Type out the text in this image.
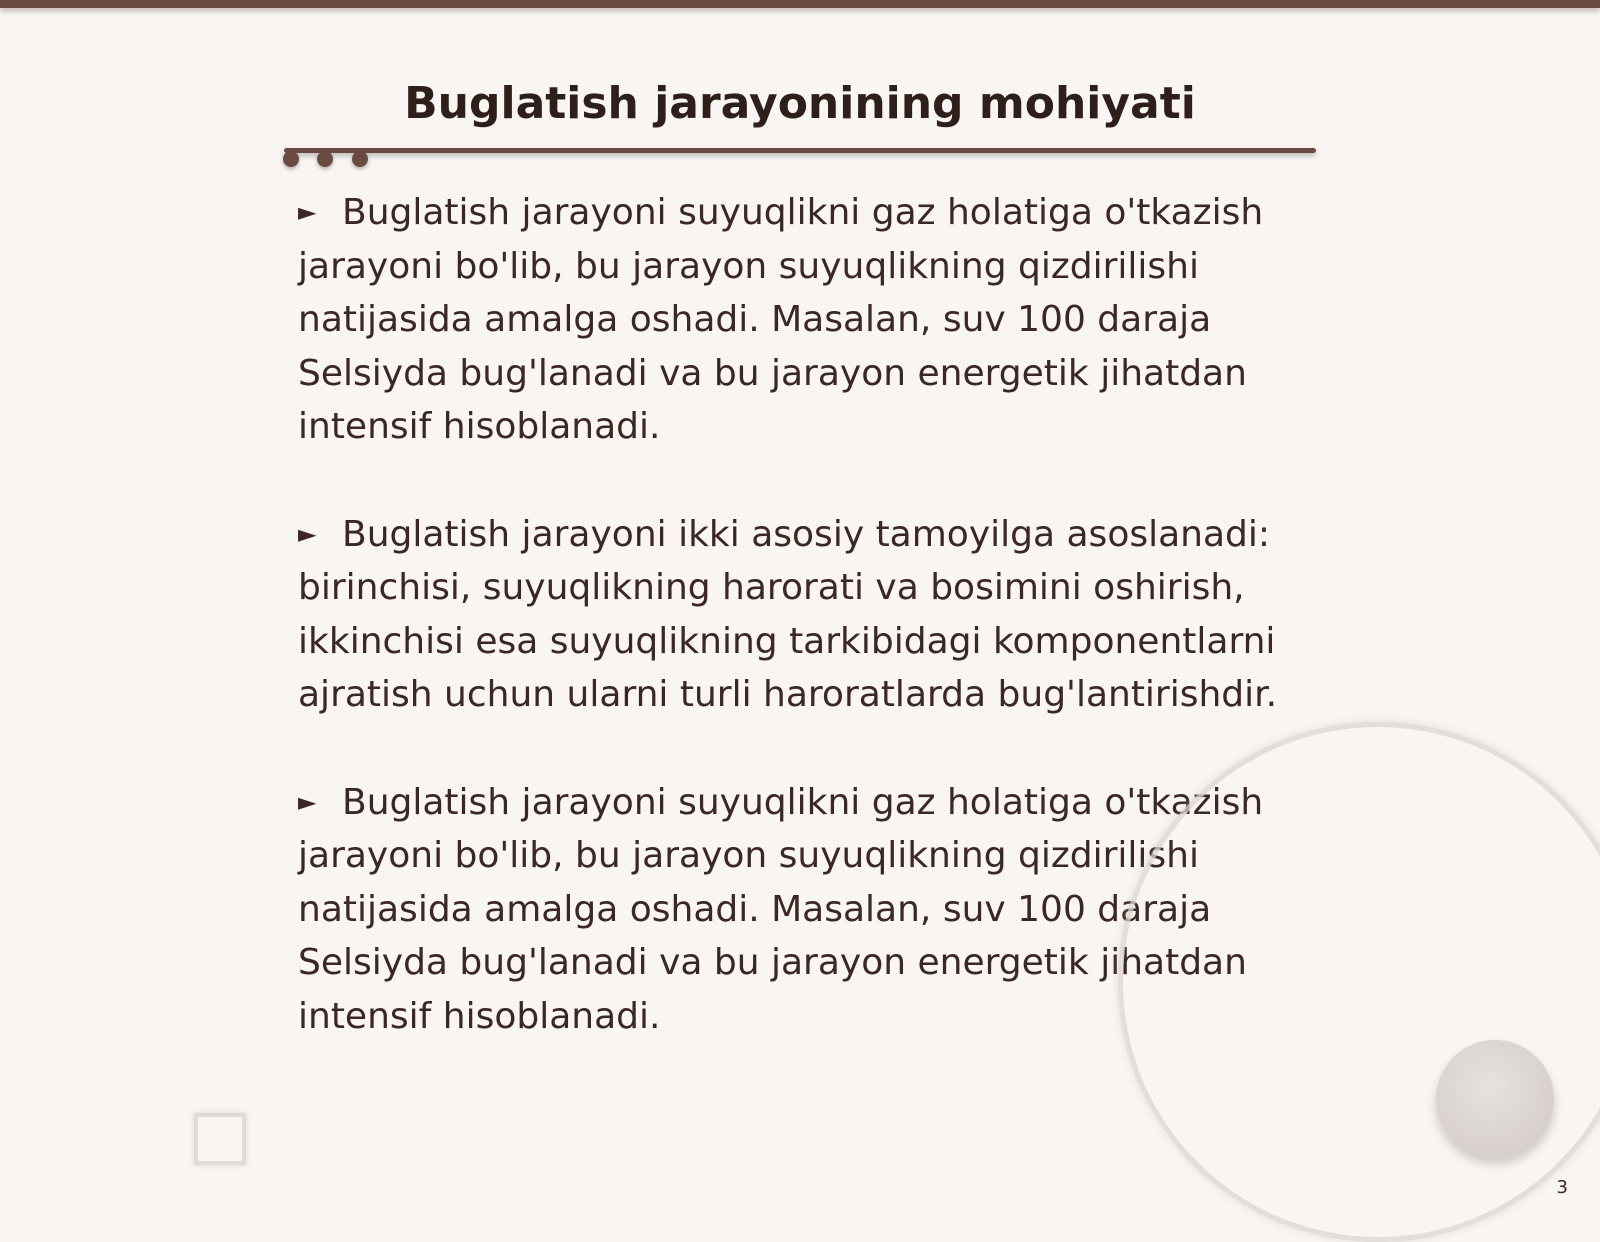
Buglatish jarayonining mohiyati

► Buglatish jarayoni suyuqlikni gaz holatiga o'tkazish jarayoni bo'lib, bu jarayon suyuqlikning qizdirilishi natijasida amalga oshadi. Masalan, suv 100 daraja Selsiyda bug'lanadi va bu jarayon energetik jihatdan intensif hisoblanadi.

► Buglatish jarayoni ikki asosiy tamoyilga asoslanadi: birinchisi, suyuqlikning harorati va bosimini oshirish, ikkinchisi esa suyuqlikning tarkibidagi komponentlarni ajratish uchun ularni turli haroratlarda bug'lantirishdir.

► Buglatish jarayoni suyuqlikni gaz holatiga o'tkazish jarayoni bo'lib, bu jarayon suyuqlikning qizdirilishi natijasida amalga oshadi. Masalan, suv 100 daraja Selsiyda bug'lanadi va bu jarayon energetik jihatdan intensif hisoblanadi.

3
